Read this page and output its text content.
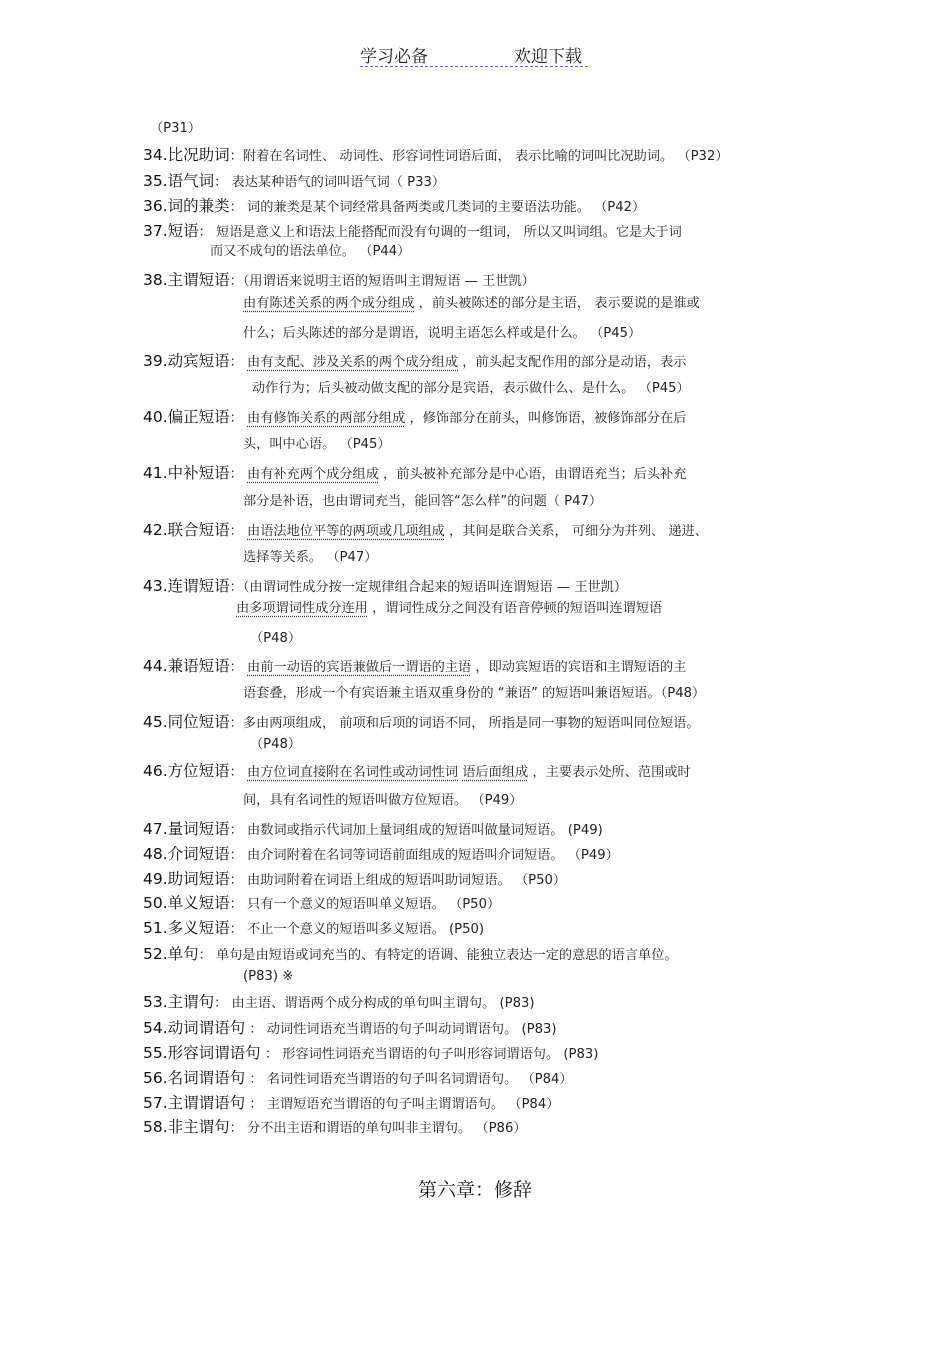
学习必备	欢迎下载
（P31）
34.比况助词：附着在名词性、 动词性、形容词性词语后面， 表示比喻的词叫比况助词。 （P32）
35.语气词： 表达某种语气的词叫语气词（ P33）
36.词的兼类： 词的兼类是某个词经常具备两类或几类词的主要语法功能。 （P42）
37.短语： 短语是意义上和语法上能搭配而没有句调的一组词， 所以又叫词组。它是大于词
而又不成句的语法单位。 （P44）
38.主谓短语：（用谓语来说明主语的短语叫主谓短语 — 王世凯）
由有陈述关系的两个成分组成 ，前头被陈述的部分是主语， 表示要说的是谁或
什么；后头陈述的部分是谓语，说明主语怎么样或是什么。 （P45）
39.动宾短语： 由有支配、涉及关系的两个成分组成 ，前头起支配作用的部分是动语，表示
动作行为；后头被动做支配的部分是宾语，表示做什么、是什么。 （P45）
40.偏正短语： 由有修饰关系的两部分组成 ，修饰部分在前头，叫修饰语，被修饰部分在后
头，叫中心语。 （P45）
41.中补短语： 由有补充两个成分组成 ，前头被补充部分是中心语，由谓语充当；后头补充
部分是补语，也由谓词充当，能回答“怎么样”的问题（ P47）
42.联合短语： 由语法地位平等的两项或几项组成 ，其间是联合关系， 可细分为并列、 递进、
选择等关系。 （P47）
43.连谓短语：（由谓词性成分按一定规律组合起来的短语叫连谓短语 — 王世凯）
由多项谓词性成分连用 ，谓词性成分之间没有语音停顿的短语叫连谓短语
（P48）
44.兼语短语： 由前一动语的宾语兼做后一谓语的主语 ，即动宾短语的宾语和主谓短语的主
语套叠，形成一个有宾语兼主语双重身份的 “兼语” 的短语叫兼语短语。（P48）
45.同位短语：多由两项组成， 前项和后项的词语不同， 所指是同一事物的短语叫同位短语。
（P48）
46.方位短语： 由方位词直接附在名词性或动词性词 语后面组成 ，主要表示处所、范围或时
间，具有名词性的短语叫做方位短语。 （P49）
47.量词短语： 由数词或指示代词加上量词组成的短语叫做量词短语。 (P49)
48.介词短语： 由介词附着在名词等词语前面组成的短语叫介词短语。 （P49）
49.助词短语： 由助词附着在词语上组成的短语叫助词短语。 （P50）
50.单义短语： 只有一个意义的短语叫单义短语。 （P50）
51.多义短语： 不止一个意义的短语叫多义短语。 (P50)
52.单句： 单句是由短语或词充当的、有特定的语调、能独立表达一定的意思的语言单位。
(P83) ※
53.主谓句： 由主语、谓语两个成分构成的单句叫主谓句。 (P83)
54.动词谓语句 ： 动词性词语充当谓语的句子叫动词谓语句。 (P83)
55.形容词谓语句 ： 形容词性词语充当谓语的句子叫形容词谓语句。 (P83)
56.名词谓语句 ： 名词性词语充当谓语的句子叫名词谓语句。 （P84）
57.主谓谓语句 ： 主谓短语充当谓语的句子叫主谓谓语句。 （P84）
58.非主谓句： 分不出主语和谓语的单句叫非主谓句。 （P86）
第六章：修辞
